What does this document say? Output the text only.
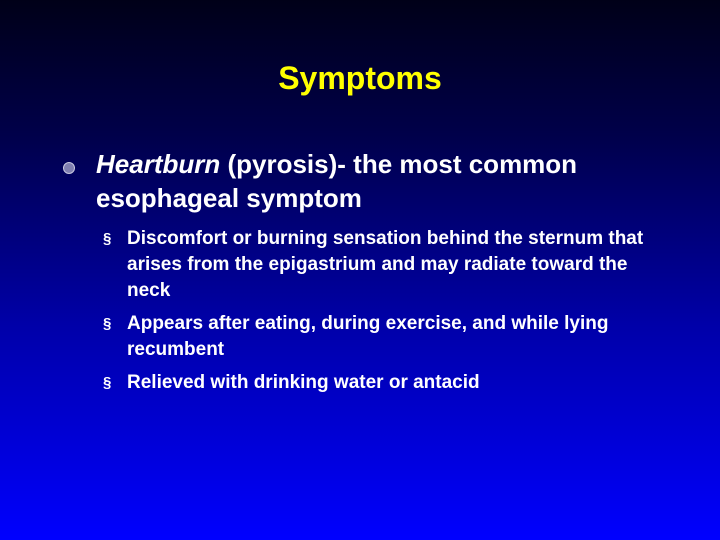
Symptoms
Heartburn (pyrosis)- the most common esophageal symptom
§ Discomfort or burning sensation behind the sternum that arises from the epigastrium and may radiate toward the neck
§ Appears after eating, during exercise, and while lying recumbent
§ Relieved with drinking water or antacid
